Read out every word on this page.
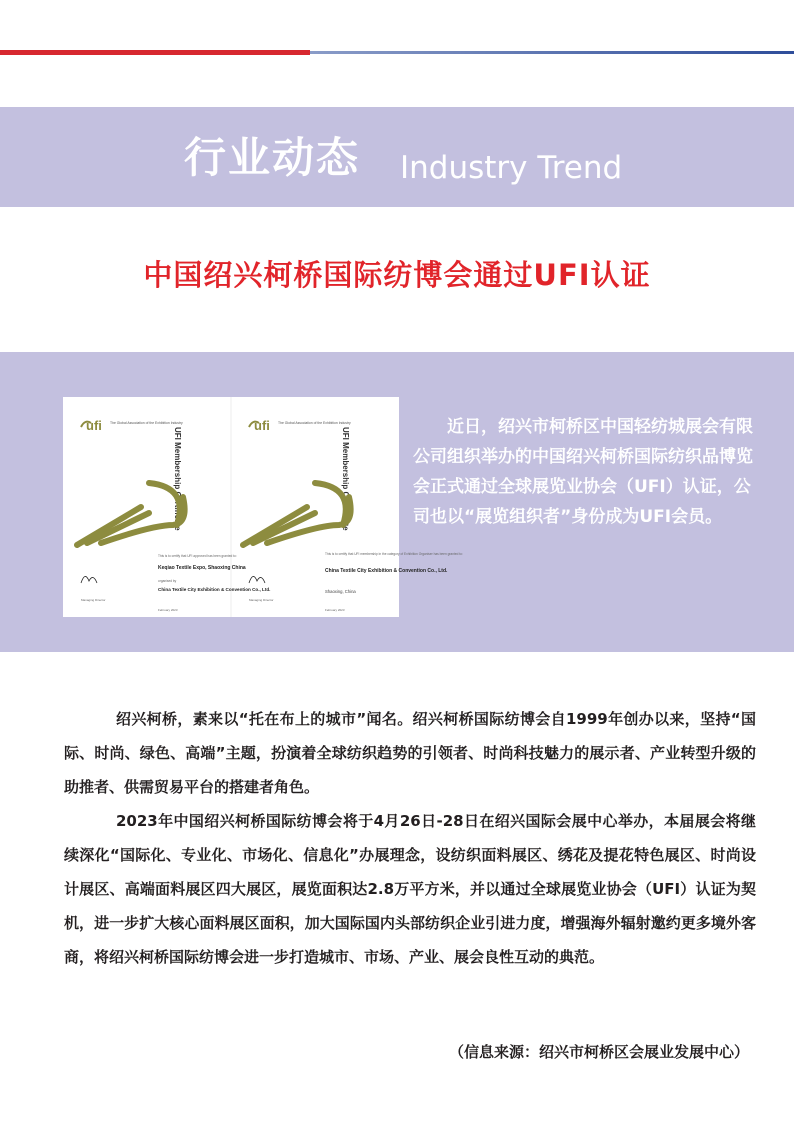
行业动态 Industry Trend
中国绍兴柯桥国际纺博会通过UFI认证
ufi The Global Association of the Exhibition Industry
UFI Membership Certificate
This is to certify that UFI approved has been granted to:
Keqiao Textile Expo, Shaoxing China
organised by
China Textile City Exhibition & Convention Co., Ltd.
February 2023
Managing Director
ufi The Global Association of the Exhibition Industry
UFI Membership Certificate
This is to certify that UFI membership in the category of Exhibition Organiser has been granted to:
China Textile City Exhibition & Convention Co., Ltd.
Shaoxing, China
February 2023
Managing Director

近日，绍兴市柯桥区中国轻纺城展会有限公司组织举办的中国绍兴柯桥国际纺织品博览会正式通过全球展览业协会（UFI）认证，公司也以“展览组织者”身份成为UFI会员。

绍兴柯桥，素来以“托在布上的城市”闻名。绍兴柯桥国际纺博会自1999年创办以来，坚持“国际、时尚、绿色、高端”主题，扮演着全球纺织趋势的引领者、时尚科技魅力的展示者、产业转型升级的助推者、供需贸易平台的搭建者角色。

2023年中国绍兴柯桥国际纺博会将于4月26日-28日在绍兴国际会展中心举办，本届展会将继续深化“国际化、专业化、市场化、信息化”办展理念，设纺织面料展区、绣花及提花特色展区、时尚设计展区、高端面料展区四大展区，展览面积达2.8万平方米，并以通过全球展览业协会（UFI）认证为契机，进一步扩大核心面料展区面积，加大国际国内头部纺织企业引进力度，增强海外辐射邀约更多境外客商，将绍兴柯桥国际纺博会进一步打造城市、市场、产业、展会良性互动的典范。

（信息来源：绍兴市柯桥区会展业发展中心）
